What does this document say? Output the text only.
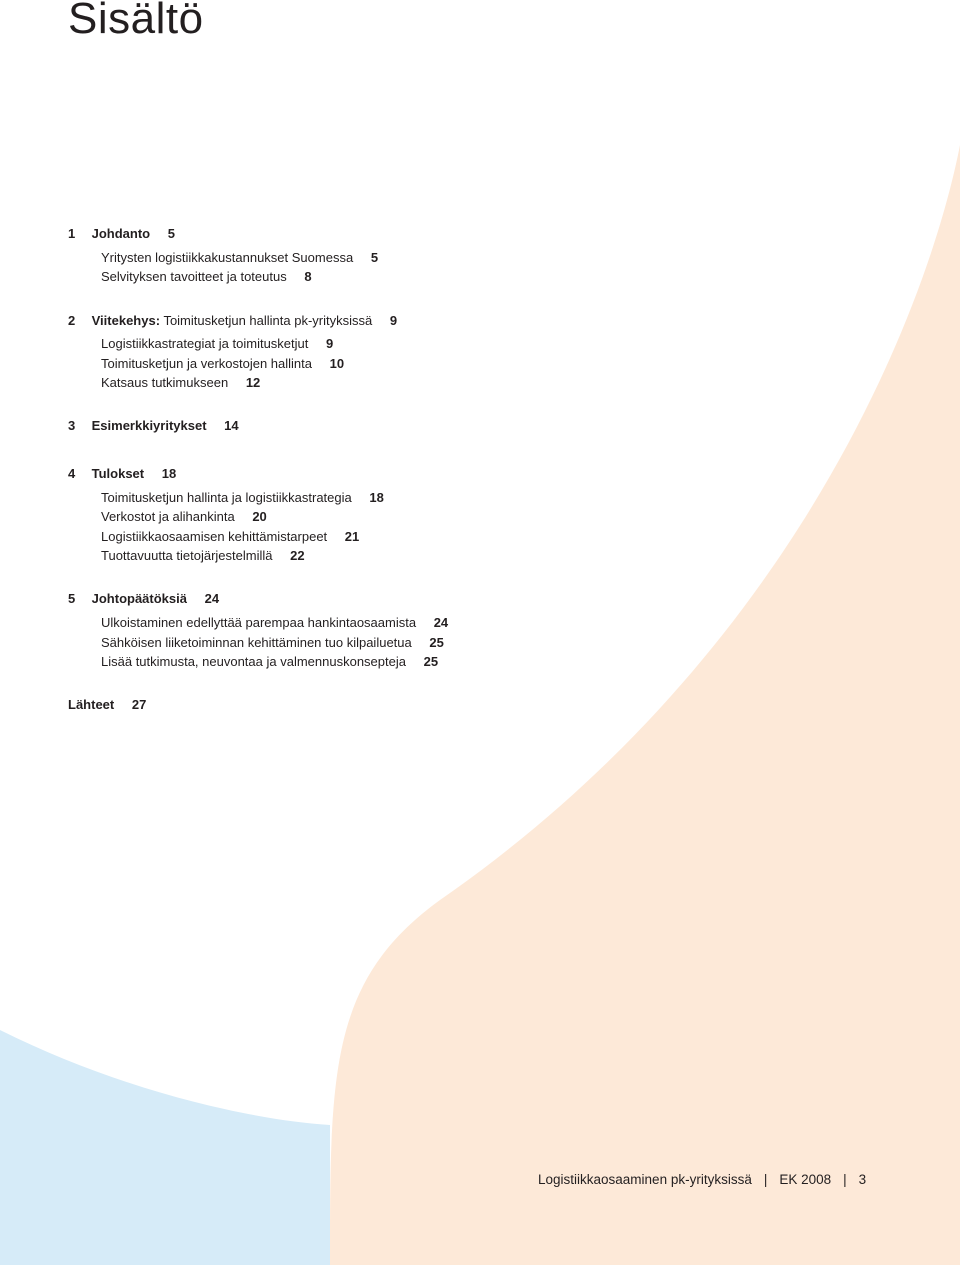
Sisältö
1 Johdanto 5
Yritysten logistiikkakustannukset Suomessa 5
Selvityksen tavoitteet ja toteutus 8
2 Viitekehys: Toimitusketjun hallinta pk-yrityksissä 9
Logistiikkastrategiat ja toimitusketjut 9
Toimitusketjun ja verkostojen hallinta 10
Katsaus tutkimukseen 12
3 Esimerkkiyritykset 14
4 Tulokset 18
Toimitusketjun hallinta ja logistiikkastrategia 18
Verkostot ja alihankinta 20
Logistiikkaosaamisen kehittämistarpeet 21
Tuottavuutta tietojärjestelmillä 22
5 Johtopäätöksiä 24
Ulkoistaminen edellyttää parempaa hankintaosaamista 24
Sähköisen liiketoiminnan kehittäminen tuo kilpailuetua 25
Lisää tutkimusta, neuvontaa ja valmennuskonsepteja 25
Lähteet 27
Logistiikkaosaaminen pk-yrityksissä | EK 2008 | 3
